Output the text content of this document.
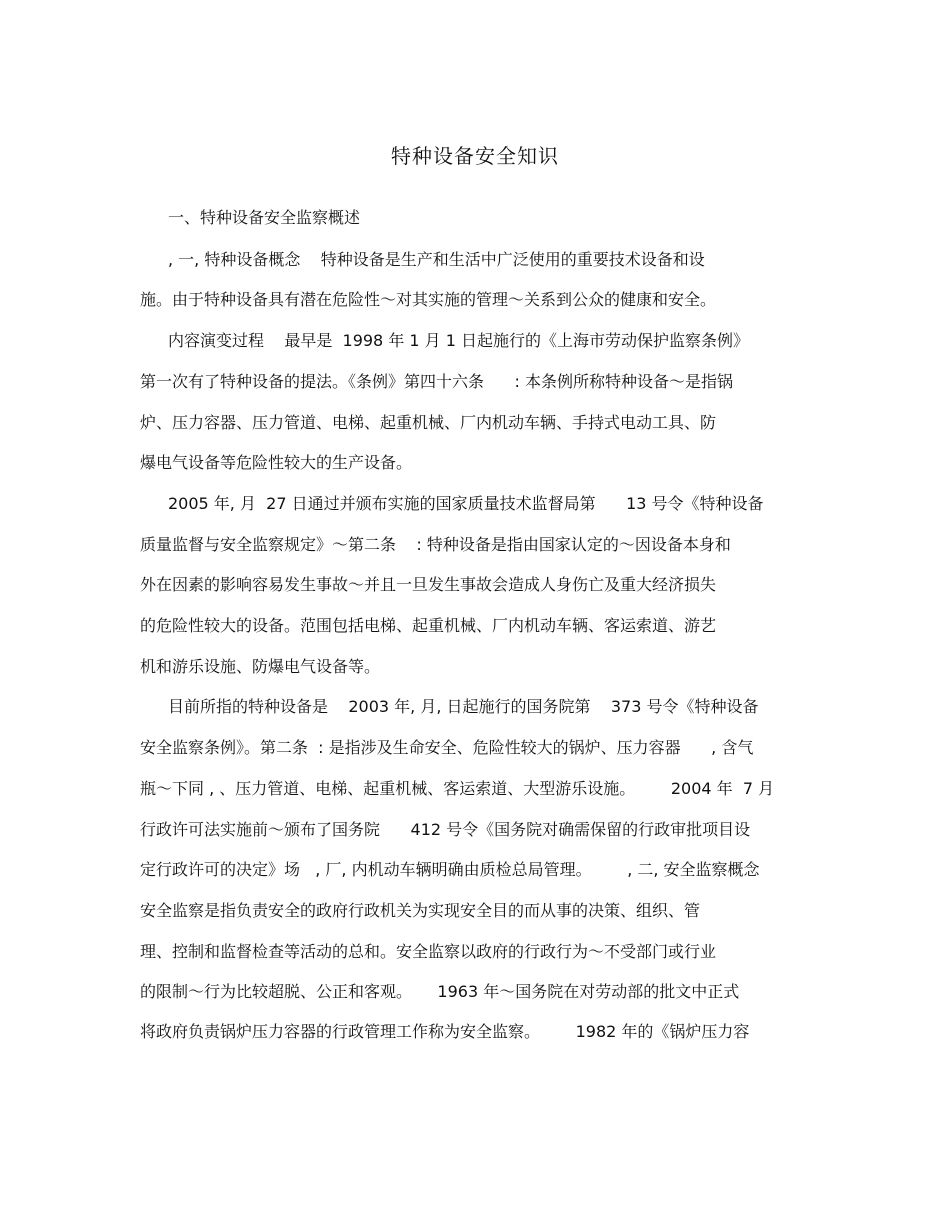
特种设备安全知识
一、特种设备安全监察概述
, 一, 特种设备概念    特种设备是生产和生活中广泛使用的重要技术设备和设
施。由于特种设备具有潜在危险性～对其实施的管理～关系到公众的健康和安全。
内容演变过程    最早是  1998 年 1 月 1 日起施行的《上海市劳动保护监察条例》
第一次有了特种设备的提法。《条例》第四十六条      : 本条例所称特种设备～是指锅
炉、压力容器、压力管道、电梯、起重机械、厂内机动车辆、手持式电动工具、防
爆电气设备等危险性较大的生产设备。
2005 年, 月  27 日通过并颁布实施的国家质量技术监督局第      13 号令《特种设备
质量监督与安全监察规定》～第二条    : 特种设备是指由国家认定的～因设备本身和
外在因素的影响容易发生事故～并且一旦发生事故会造成人身伤亡及重大经济损失
的危险性较大的设备。范围包括电梯、起重机械、厂内机动车辆、客运索道、游艺
机和游乐设施、防爆电气设备等。
目前所指的特种设备是    2003 年, 月, 日起施行的国务院第    373 号令《特种设备
安全监察条例》。第二条  : 是指涉及生命安全、危险性较大的锅炉、压力容器      , 含气
瓶～下同 , 、压力管道、电梯、起重机械、客运索道、大型游乐设施。       2004 年  7 月
行政许可法实施前～颁布了国务院      412 号令《国务院对确需保留的行政审批项目设
定行政许可的决定》场   , 厂, 内机动车辆明确由质检总局管理。       , 二, 安全监察概念
安全监察是指负责安全的政府行政机关为实现安全目的而从事的决策、组织、管
理、控制和监督检查等活动的总和。安全监察以政府的行政行为～不受部门或行业
的限制～行为比较超脱、公正和客观。     1963 年～国务院在对劳动部的批文中正式
将政府负责锅炉压力容器的行政管理工作称为安全监察。       1982 年的《锅炉压力容
